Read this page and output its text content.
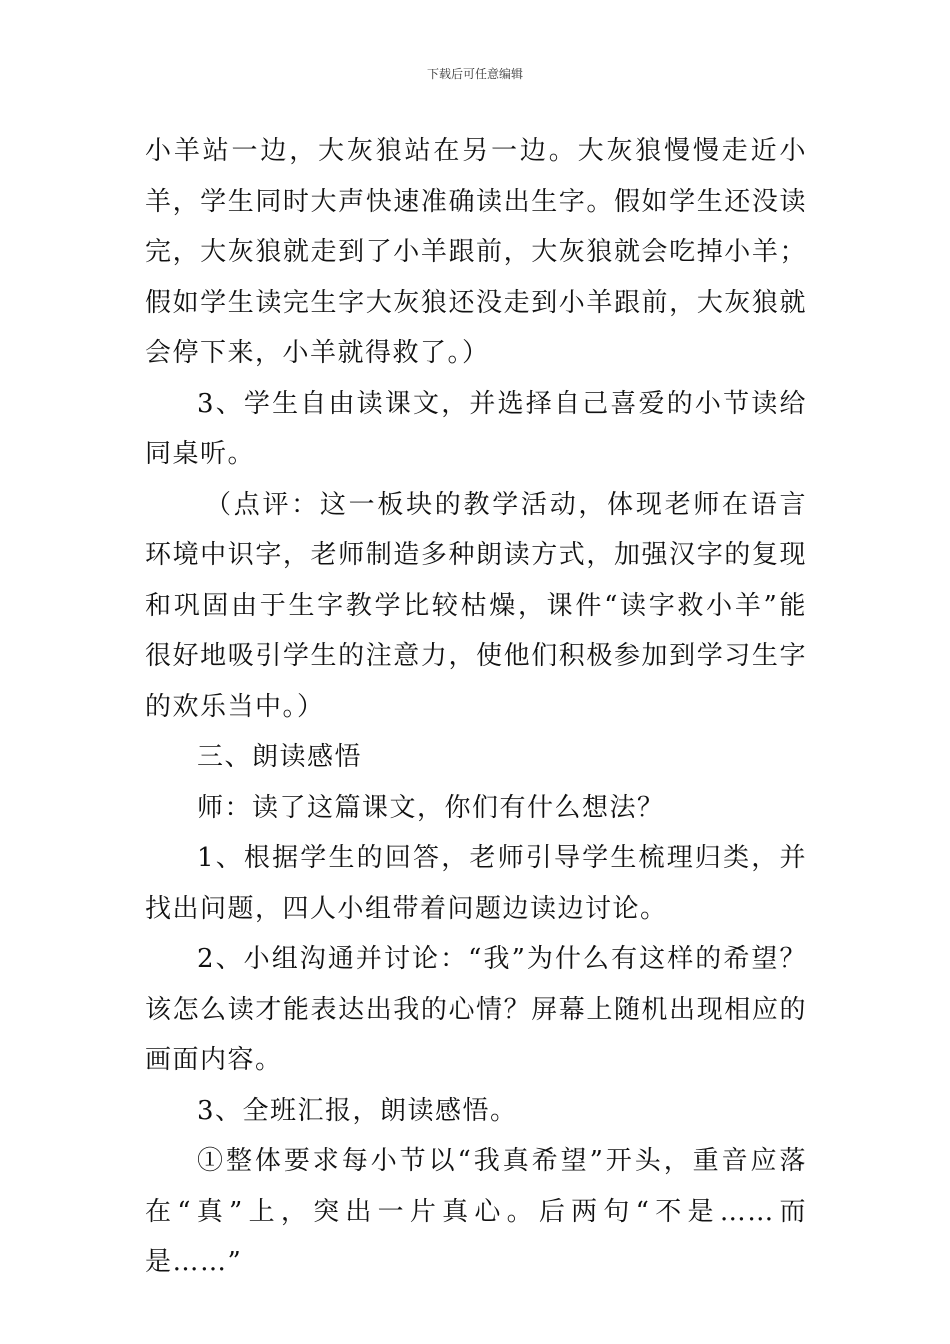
下载后可任意编辑

小羊站一边，大灰狼站在另一边。大灰狼慢慢走近小羊，学生同时大声快速准确读出生字。假如学生还没读完，大灰狼就走到了小羊跟前，大灰狼就会吃掉小羊；假如学生读完生字大灰狼还没走到小羊跟前，大灰狼就会停下来，小羊就得救了。）

3、学生自由读课文，并选择自己喜爱的小节读给同桌听。

（点评：这一板块的教学活动，体现老师在语言环境中识字，老师制造多种朗读方式，加强汉字的复现和巩固由于生字教学比较枯燥，课件“读字救小羊”能很好地吸引学生的注意力，使他们积极参加到学习生字的欢乐当中。）

三、朗读感悟

师：读了这篇课文，你们有什么想法？

1、根据学生的回答，老师引导学生梳理归类，并找出问题，四人小组带着问题边读边讨论。

2、小组沟通并讨论：“我”为什么有这样的希望？该怎么读才能表达出我的心情？屏幕上随机出现相应的画面内容。

3、全班汇报，朗读感悟。

①整体要求每小节以“我真希望”开头，重音应落在“真”上，突出一片真心。后两句“不是……而是……”
